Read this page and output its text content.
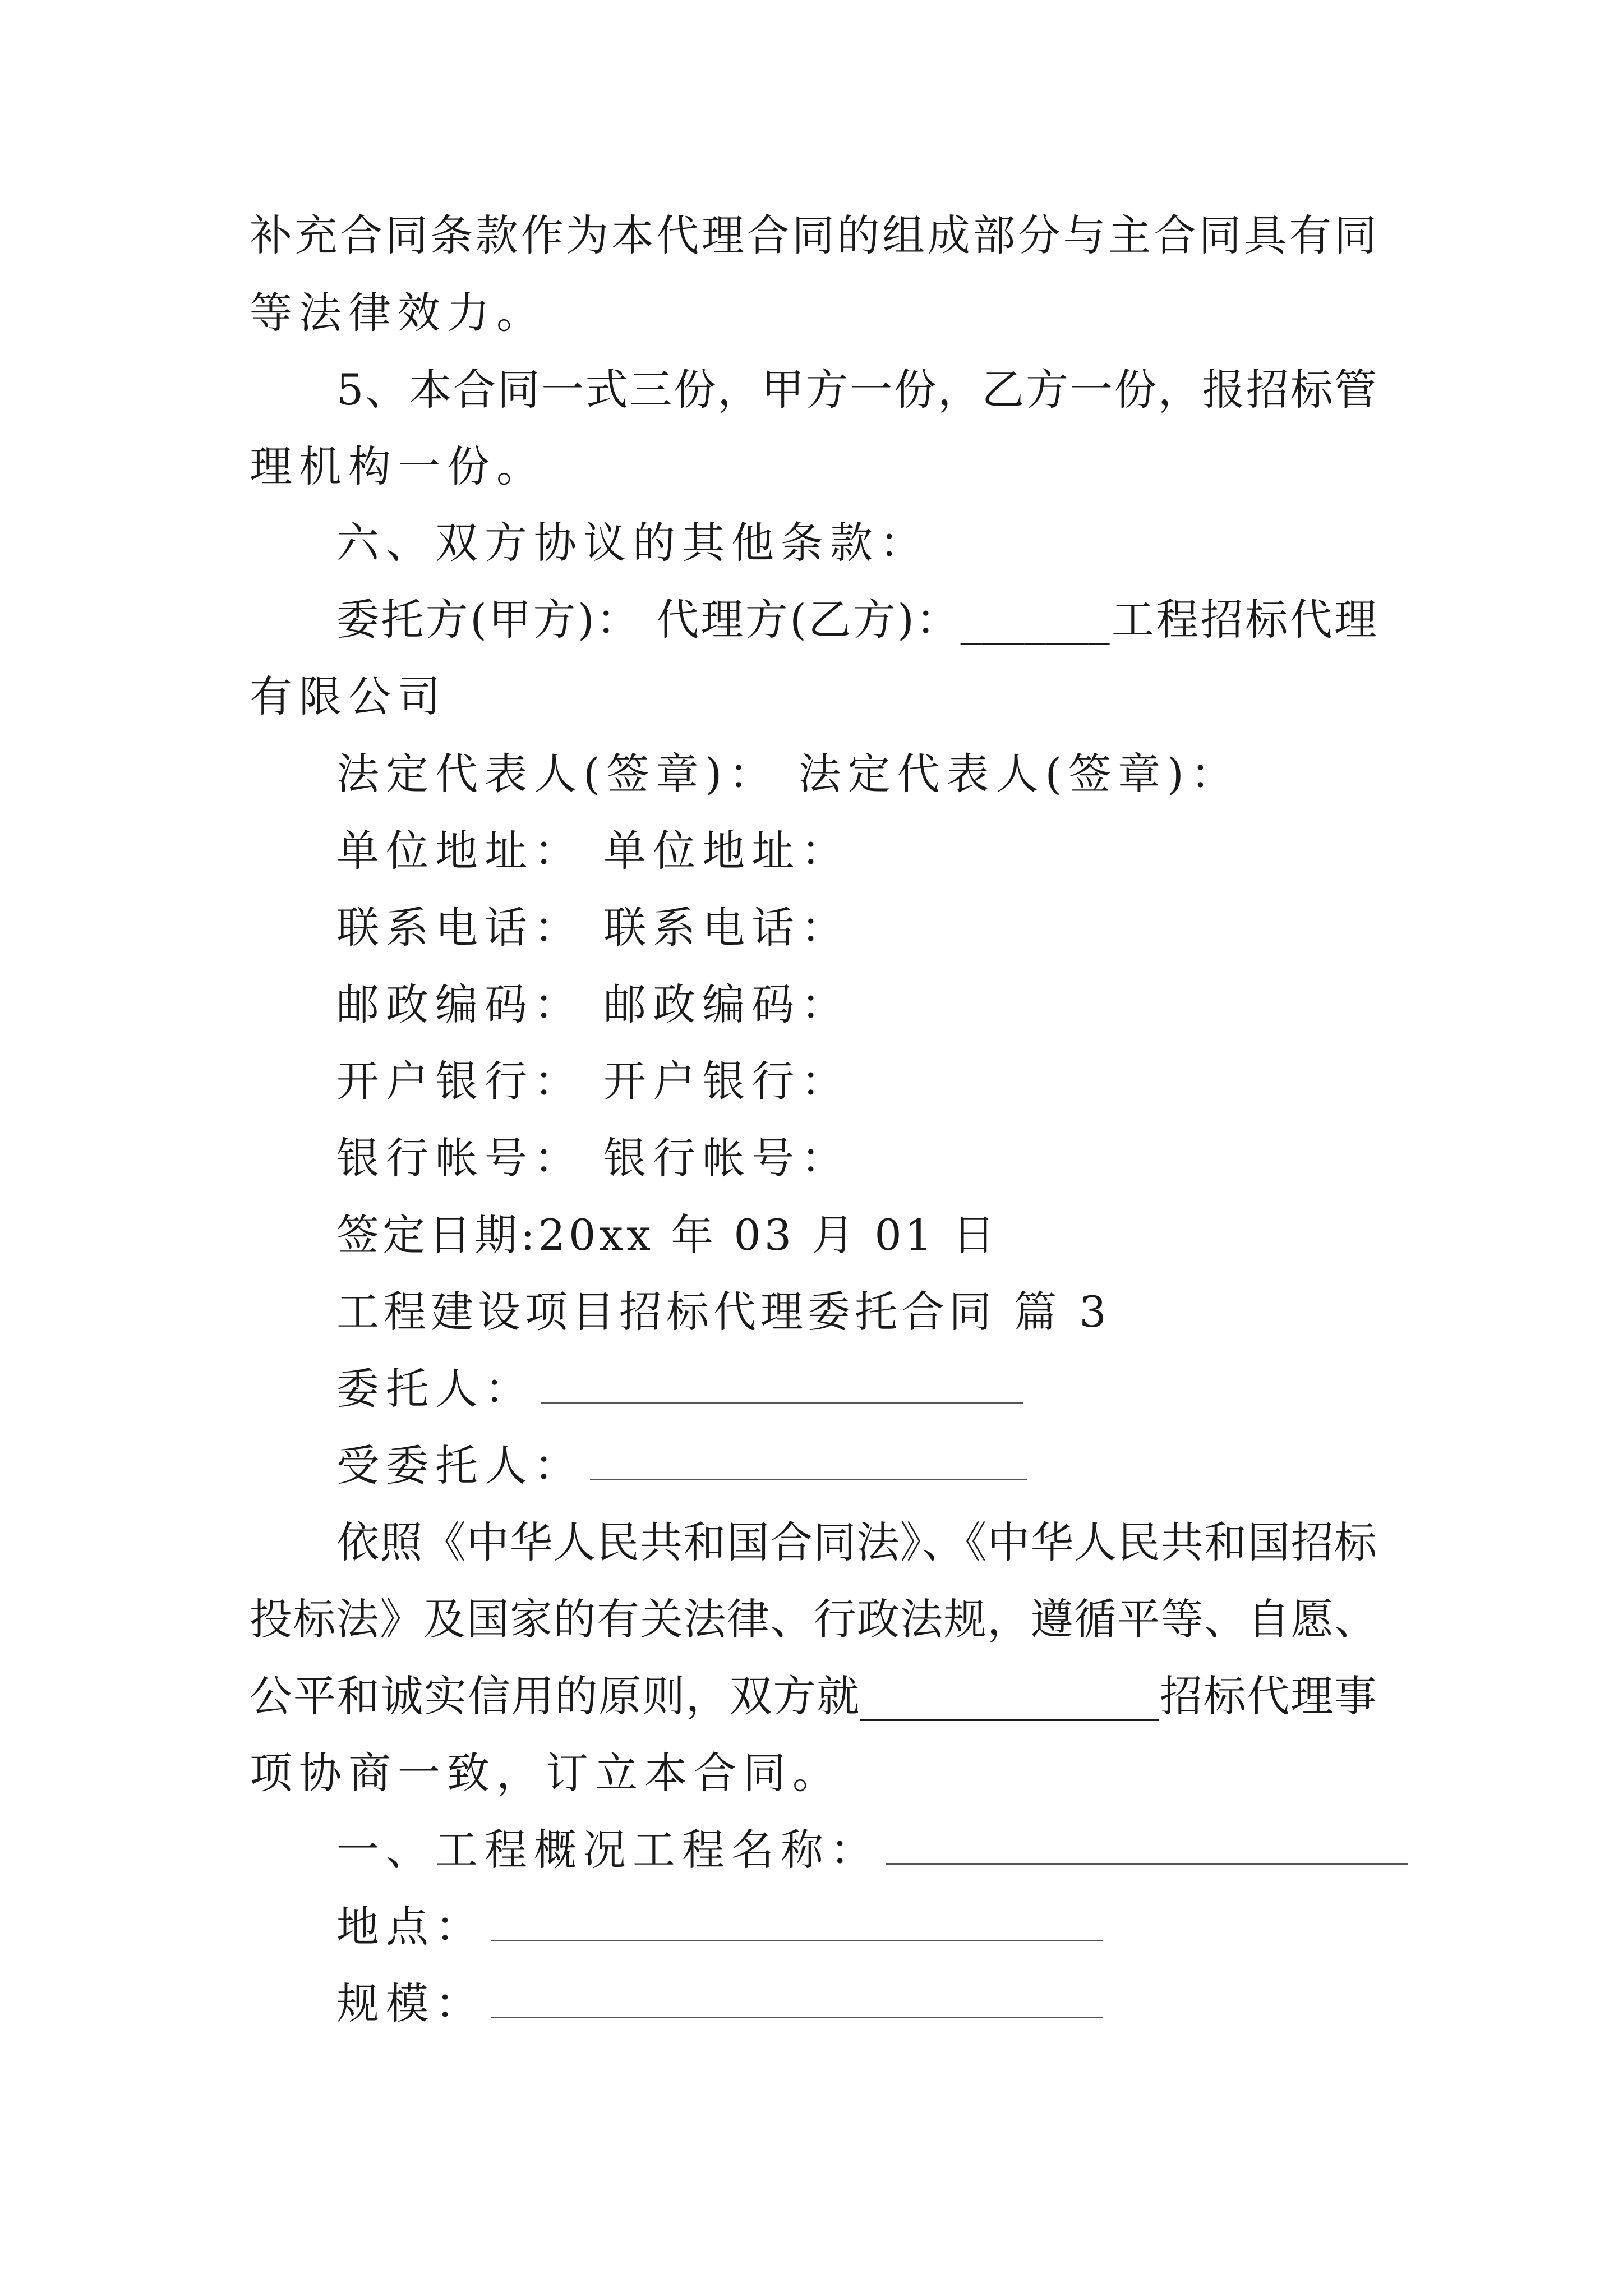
补充合同条款作为本代理合同的组成部分与主合同具有同
等法律效力。
5、本合同一式三份，甲方一份，乙方一份，报招标管
理机构一份。
六、双方协议的其他条款：
委托方(甲方)： 代理方(乙方)：_______工程招标代理
有限公司
法定代表人(签章)： 法定代表人(签章)：
单位地址： 单位地址：
联系电话： 联系电话：
邮政编码： 邮政编码：
开户银行： 开户银行：
银行帐号： 银行帐号：
签定日期:20xx 年 03 月 01 日
工程建设项目招标代理委托合同 篇 3
委托人：
受委托人：
依照《中华人民共和国合同法》、《中华人民共和国招标
投标法》及国家的有关法律、行政法规，遵循平等、自愿、
公平和诚实信用的原则，双方就______________招标代理事
项协商一致，订立本合同。
一、工程概况工程名称：
地点：
规模：
